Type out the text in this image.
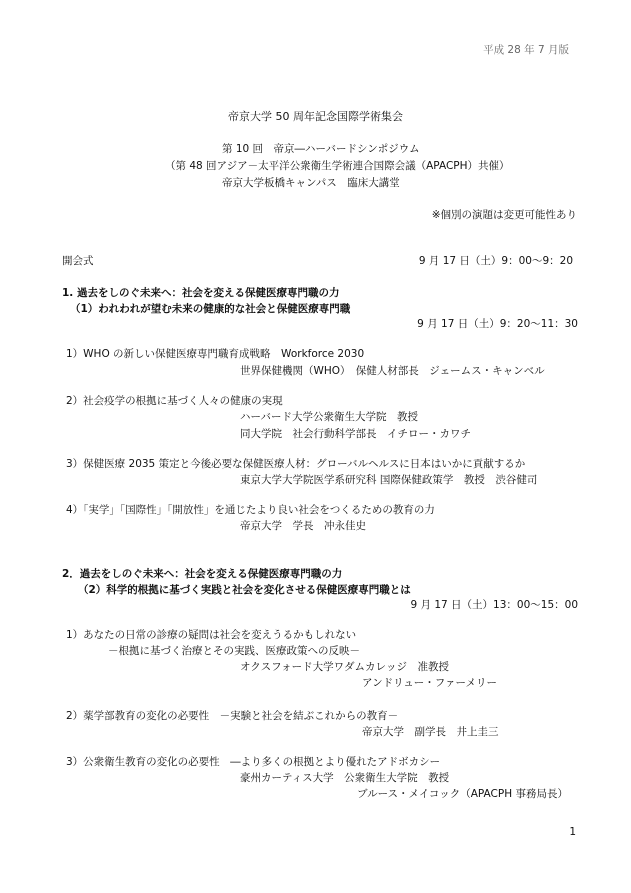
平成 28 年 7 月版
帝京大学 50 周年記念国際学術集会
第 10 回　帝京―ハーバードシンポジウム
（第 48 回アジア－太平洋公衆衛生学術連合国際会議（APACPH）共催）
帝京大学板橋キャンパス　臨床大講堂
※個別の演題は変更可能性あり
開会式	9 月 17 日（土）9：00～9：20
1. 過去をしのぐ未来へ：社会を変える保健医療専門職の力
（1）われわれが望む未来の健康的な社会と保健医療専門職
9 月 17 日（土）9：20～11：30
1）WHO の新しい保健医療専門職育成戦略　Workforce 2030
世界保健機関（WHO）　保健人材部長　ジェームス・キャンベル
2）社会疫学の根拠に基づく人々の健康の実現
ハーバード大学公衆衛生大学院　教授
同大学院　社会行動科学部長　イチロー・カワチ
3）保健医療 2035 策定と今後必要な保健医療人材：グローバルヘルスに日本はいかに貢献するか
東京大学大学院医学系研究科 国際保健政策学　教授　渋谷健司
4）「実学」「国際性」「開放性」を通じたより良い社会をつくるための教育の力
帝京大学　学長　冲永佳史
2．過去をしのぐ未来へ：社会を変える保健医療専門職の力
（2）科学的根拠に基づく実践と社会を変化させる保健医療専門職とは
9 月 17 日（土）13：00～15：00
1）あなたの日常の診療の疑問は社会を変えうるかもしれない
－根拠に基づく治療とその実践、医療政策への反映－
オクスフォード大学ワダムカレッジ　准教授
アンドリュー・ファーメリー
2）薬学部教育の変化の必要性　－実験と社会を結ぶこれからの教育－
帝京大学　副学長　井上圭三
3）公衆衛生教育の変化の必要性　―より多くの根拠とより優れたアドボカシー
豪州カーティス大学　公衆衛生大学院　教授
ブルース・メイコック（APACPH 事務局長）
1
